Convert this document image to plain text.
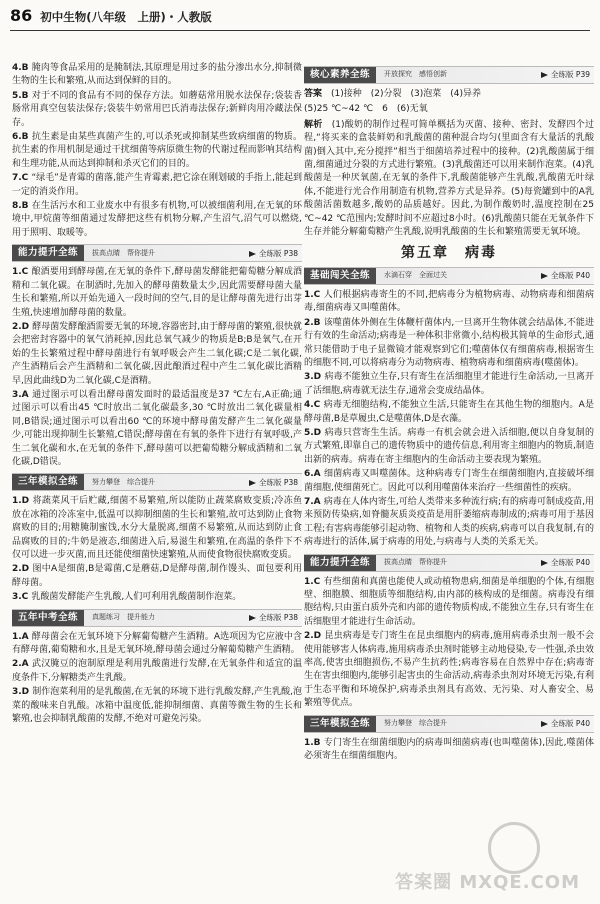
86 初中生物(八年级　上册)・人教版
4.B 腌肉等食品采用的是腌制法,其原理是用过多的盐分渗出水分,抑制微生物的生长和繁殖,从而达到保鲜的目的。
5.B 对于不同的食品有不同的保存方法。如蘑菇常用脱水法保存;袋装香肠常用真空包装法保存;袋装牛奶常用巴氏消毒法保存;新鲜肉用冷藏法保存。
6.B 抗生素是由某些真菌产生的,可以杀死或抑制某些致病细菌的物质。抗生素的作用机制是通过干扰细菌等病原微生物的代谢过程而影响其结构和生理功能,从而达到抑制和杀灭它们的目的。
7.C “绿毛”是青霉的菌落,能产生青霉素,把它涂在刚划破的手指上,能起到一定的消炎作用。
8.B 在生活污水和工业废水中有很多有机物,可以被细菌利用,在无氧的环境中,甲烷菌等细菌通过发酵把这些有机物分解,产生沼气,沼气可以燃烧,用于照明、取暖等。
能力提升全练	拔高点睛　帮你提升	全练版 P38
1.C 酿酒要用到酵母菌,在无氧的条件下,酵母菌发酵能把葡萄糖分解成酒精和二氧化碳。在制酒时,先加入的酵母菌数量太少,因此需要酵母菌大量生长和繁殖,所以开始先通入一段时间的空气,目的是让酵母菌先进行出芽生殖,快速增加酵母菌的数量。
2.D 酵母菌发酵酿酒需要无氧的环境,容器密封,由于酵母菌的繁殖,很快就会把密封容器中的氧气消耗掉,因此总氧气减少的物质是B;B是氧气,在开始的生长繁殖过程中酵母菌进行有氧呼吸会产生二氧化碳;C是二氧化碳,产生酒精后会产生酒精和二氧化碳,因此酿酒过程中产生二氧化碳比酒精早,因此曲线D为二氧化碳,C是酒精。
3.A 通过图示可以看出酵母菌发面时的最适温度是37 ℃左右,A正确;通过图示可以看出45 ℃时放出二氧化碳最多,30 ℃时放出二氧化碳量相同,B错误;通过图示可以看出60 ℃的环境中酵母菌发酵产生二氧化碳量少,可能出现抑制生长繁殖,C错误;酵母菌在有氧的条件下进行有氧呼吸,产生二氧化碳和水,在无氧的条件下,酵母菌可以把葡萄糖分解成酒精和二氧化碳,D错误。
三年模拟全练	努力攀登　综合提升	全练版 P38
1.D 将蔬菜风干后贮藏,细菌不易繁殖,所以能防止蔬菜腐败变质;冷冻鱼放在冰箱的冷冻室中,低温可以抑制细菌的生长和繁殖,故可达到防止食物腐败的目的;用糖腌制蜜饯,水分大量脱离,细菌不易繁殖,从而达到防止食品腐败的目的;牛奶是液态,细菌进入后,易滋生和繁殖,在高温的条件下不仅可以进一步灭菌,而且还能使细菌快速繁殖,从而使食物很快腐败变质。
2.D 图中A是细菌,B是霉菌,C是蘑菇,D是酵母菌,制作馒头、面包要利用酵母菌。
3.C 乳酸菌发酵能产生乳酸,人们可利用乳酸菌制作泡菜。
五年中考全练	真题练习　提升能力	全练版 P38
1.A 酵母菌会在无氧环境下分解葡萄糖产生酒精。A选项因为它应液中含有酵母菌,葡萄糖和水,且是无氧环境,酵母菌会通过分解葡萄糖产生酒精。
2.A 武汉腌豆的泡制原理是利用乳酸菌进行发酵,在无氧条件和适宜的温度条件下,分解糖类产生乳酸。
3.D 制作泡菜利用的是乳酸菌,在无氧的环境下进行乳酸发酵,产生乳酸,泡菜的酸味来自乳酸。冰箱中温度低,能抑制细菌、真菌等微生物的生长和繁殖,也会抑制乳酸菌的发酵,不绝对可避免污染。
核心素养全练	开放探究　感悟创新	全练版 P39
答案　(1)接种　(2)分裂　(3)泡菜　(4)异养
(5)25 ℃~42 ℃　6　(6)无氧
解析　(1)酸奶的制作过程可简单概括为灭菌、接种、密封、发酵四个过程,“将买来的盒装鲜奶和乳酸菌的菌种混合均匀(里面含有大量活的乳酸菌)倒入其中,充分搅拌”相当于细菌培养过程中的接种。(2)乳酸菌属于细菌,细菌通过分裂的方式进行繁殖。(3)乳酸菌还可以用来制作泡菜。(4)乳酸菌是一种厌氧菌,在无氧的条件下,乳酸菌能够产生乳酸,乳酸菌无叶绿体,不能进行光合作用制造有机物,营养方式是异养。(5)每瓷罐到中的A乳酸菌活菌数越多,酸奶的品质越好。因此,为制作酸奶时,温度控制在25 ℃~42 ℃范围内;发酵时间不应超过8小时。(6)乳酸菌只能在无氧条件下生存并能分解葡萄糖产生乳酸,说明乳酸菌的生长和繁殖需要无氧环境。
第五章　病毒
基础闯关全练	水滴石穿　全面过关	全练版 P40
1.C 人们根据病毒寄生的不同,把病毒分为植物病毒、动物病毒和细菌病毒,细菌病毒又叫噬菌体。
2.B 该噬菌体外侧在生体鞭杆菌体内,一旦离开生物体就会结晶体,不能进行有效的生命活动;病毒是一种体积非常微小,结构极其简单的生命形式,通常只能借助于电子显微镜才能观察到它们;噬菌体仅有细菌病毒,根据寄生的细胞不同,可以将病毒分为动物病毒、植物病毒和细菌病毒(噬菌体)。
3.D 病毒不能独立生存,只有寄生在活细胞里才能进行生命活动,一旦离开了活细胞,病毒就无法生存,通常会变成结晶体。
4.C 病毒无细胞结构,不能独立生活,只能寄生在其他生物的细胞内。A是酵母菌,B是草履虫,C是噬菌体,D是衣藻。
5.D 病毒只营寄生生活。病毒一有机会就会进入活细胞,便以自身复制的方式繁殖,即靠自己的遗传物质中的遗传信息,利用寄主细胞内的物质,制造出新的病毒。病毒在寄主细胞内的生命活动主要表现为繁殖。
6.A 细菌病毒又叫噬菌体。这种病毒专门寄生在细菌细胞内,直接破坏细菌细胞,使细菌死亡。因此可以利用噬菌体来治疗一些细菌性的疾病。
7.A 病毒在人体内寄生,可给人类带来多种流行病;有的病毒可制成疫苗,用来预防传染病,如脊髓灰质炎疫苗是用肝萎缩病毒制成的;病毒可用于基因工程;有害病毒能够引起动物、植物和人类的疾病,病毒可以自我复制,有的病毒进行的活体,属于病毒的用处,与病毒与人类的关系无关。
能力提升全练	拔高点睛　帮你提升	全练版 P40
1.C 有些细菌和真菌也能使人或动植物患病,细菌是单细胞的个体,有细胞壁、细胞膜、细胞质等细胞结构,由内部的核构成的是细菌。病毒没有细胞结构,只由蛋白质外壳和内部的遗传物质构成,不能独立生存,只有寄生在活细胞里才能进行生命活动。
2.D 昆虫病毒是专门寄生在昆虫细胞内的病毒,施用病毒杀虫剂一般不会使用能够害人体病毒,施用病毒杀虫剂时能够主动地侵染,专一性强,杀虫效率高,使害虫细胞损伤,不易产生抗药性;病毒容易在自然界中存在;病毒寄生在害虫细胞内,能够引起害虫的生命活动,病毒杀虫剂对环境无污染,有利于生态平衡和环境保护,病毒杀虫剂具有高效、无污染、对人畜安全、易繁殖等优点。
三年模拟全练	努力攀登　综合提升	全练版 P40
1.B 专门寄生在细菌细胞内的病毒叫细菌病毒(也叫噬菌体),因此,噬菌体必须寄生在细菌细胞内。
答案圈 MXQE.COM
